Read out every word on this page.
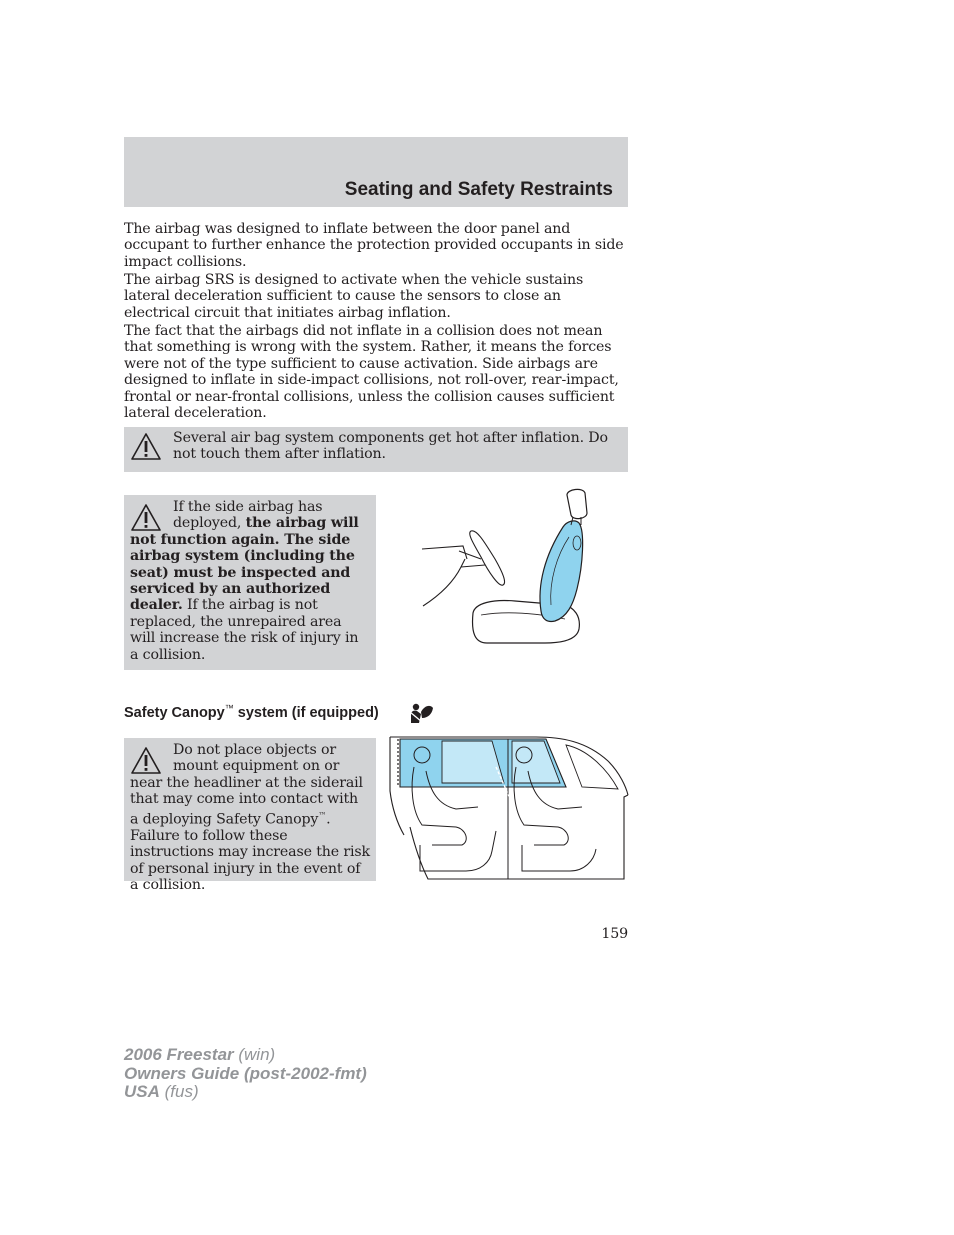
Seating and Safety Restraints

The airbag was designed to inflate between the door panel and occupant to further enhance the protection provided occupants in side impact collisions.

The airbag SRS is designed to activate when the vehicle sustains lateral deceleration sufficient to cause the sensors to close an electrical circuit that initiates airbag inflation.

The fact that the airbags did not inflate in a collision does not mean that something is wrong with the system. Rather, it means the forces were not of the type sufficient to cause activation. Side airbags are designed to inflate in side-impact collisions, not roll-over, rear-impact, frontal or near-frontal collisions, unless the collision causes sufficient lateral deceleration.

Several air bag system components get hot after inflation. Do not touch them after inflation.

If the side airbag has deployed, the airbag will not function again. The side airbag system (including the seat) must be inspected and serviced by an authorized dealer. If the airbag is not replaced, the unrepaired area will increase the risk of injury in a collision.

Safety Canopy™ system (if equipped)

Do not place objects or mount equipment on or near the headliner at the siderail that may come into contact with a deploying Safety Canopy™. Failure to follow these instructions may increase the risk of personal injury in the event of a collision.

159

2006 Freestar (win)
Owners Guide (post-2002-fmt)
USA (fus)
